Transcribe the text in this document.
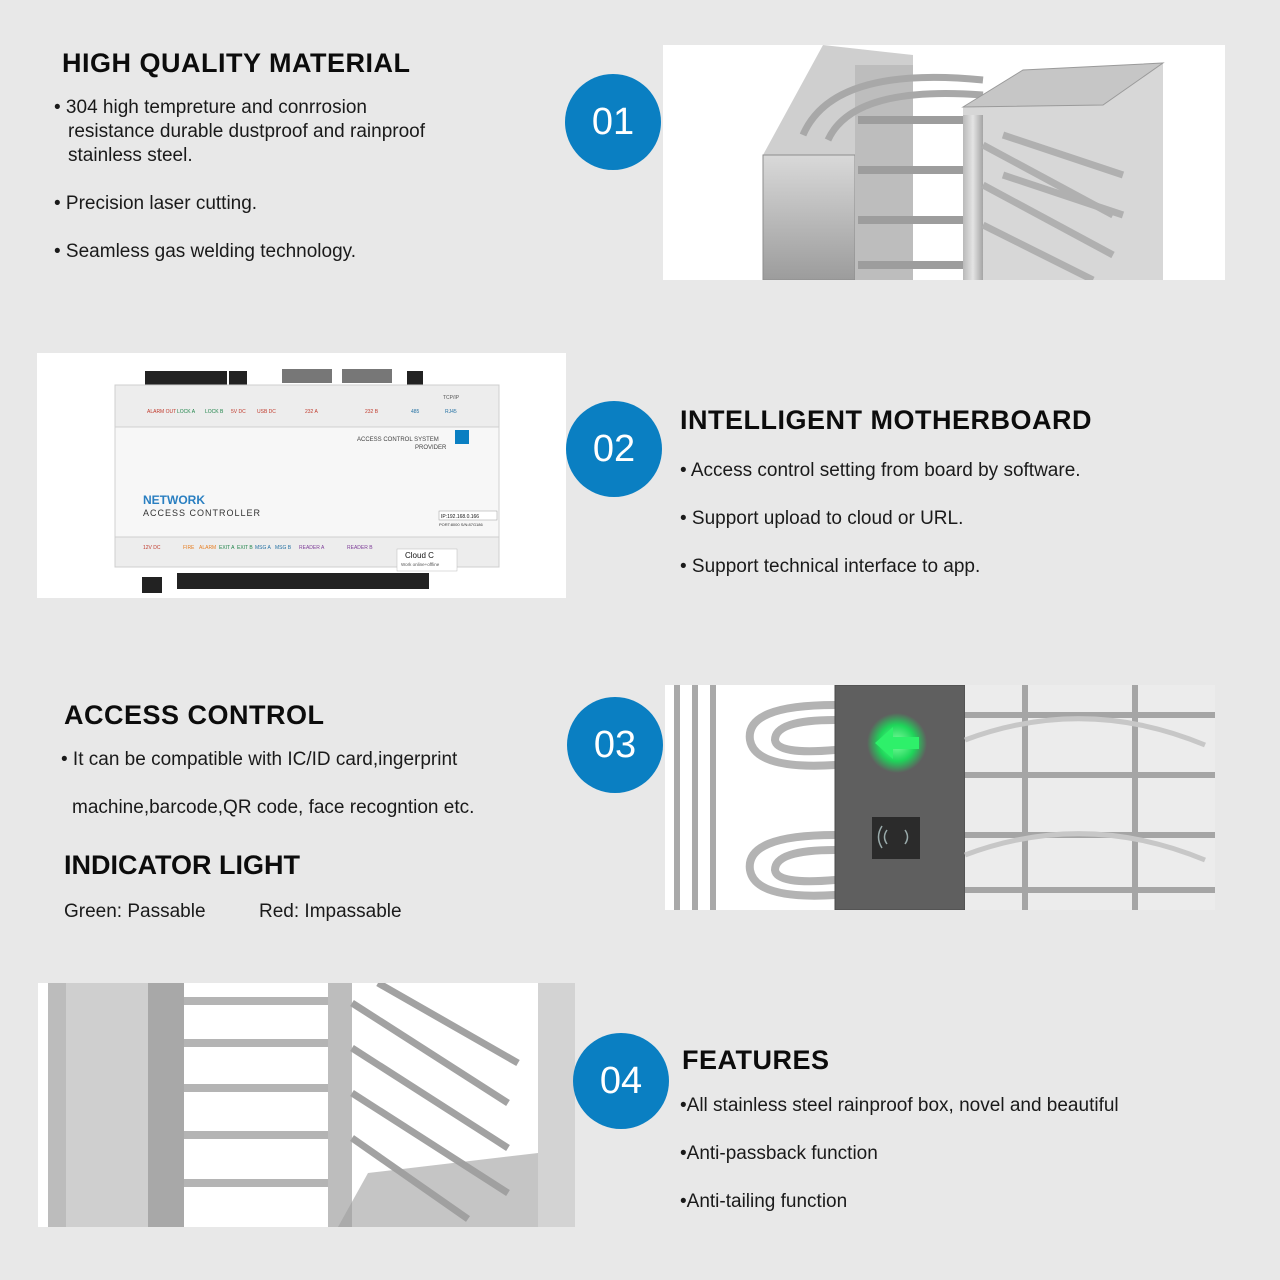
HIGH QUALITY MATERIAL
• 304 high tempreture and conrrosion
resistance durable dustproof and rainproof
stainless steel.
• Precision laser cutting.
• Seamless gas welding technology.
01
ALARM OUT LOCK A LOCK B 5V DC USB DC	232 A	232 B	485	RJ45
TCP/IP
ACCESS CONTROL SYSTEM
PROVIDER
NETWORK
ACCESS CONTROLLER	IP:192.168.0.166
PORT:8000 S/N:87G186
Cloud C
Work online+offline
12V DC	FIRE ALARM EXIT A EXIT B MSG A MSG B READER A	READER B
02
INTELLIGENT MOTHERBOARD
• Access control setting from board by software.
• Support upload to cloud or URL.
• Support technical interface to app.
ACCESS CONTROL
• It can be compatible with IC/ID card,ingerprint
machine,barcode,QR code, face recogntion etc.
INDICATOR LIGHT
Green: Passable	Red: Impassable
03
04	FEATURES
•All stainless steel rainproof box, novel and beautiful
•Anti-passback function
•Anti-tailing function
